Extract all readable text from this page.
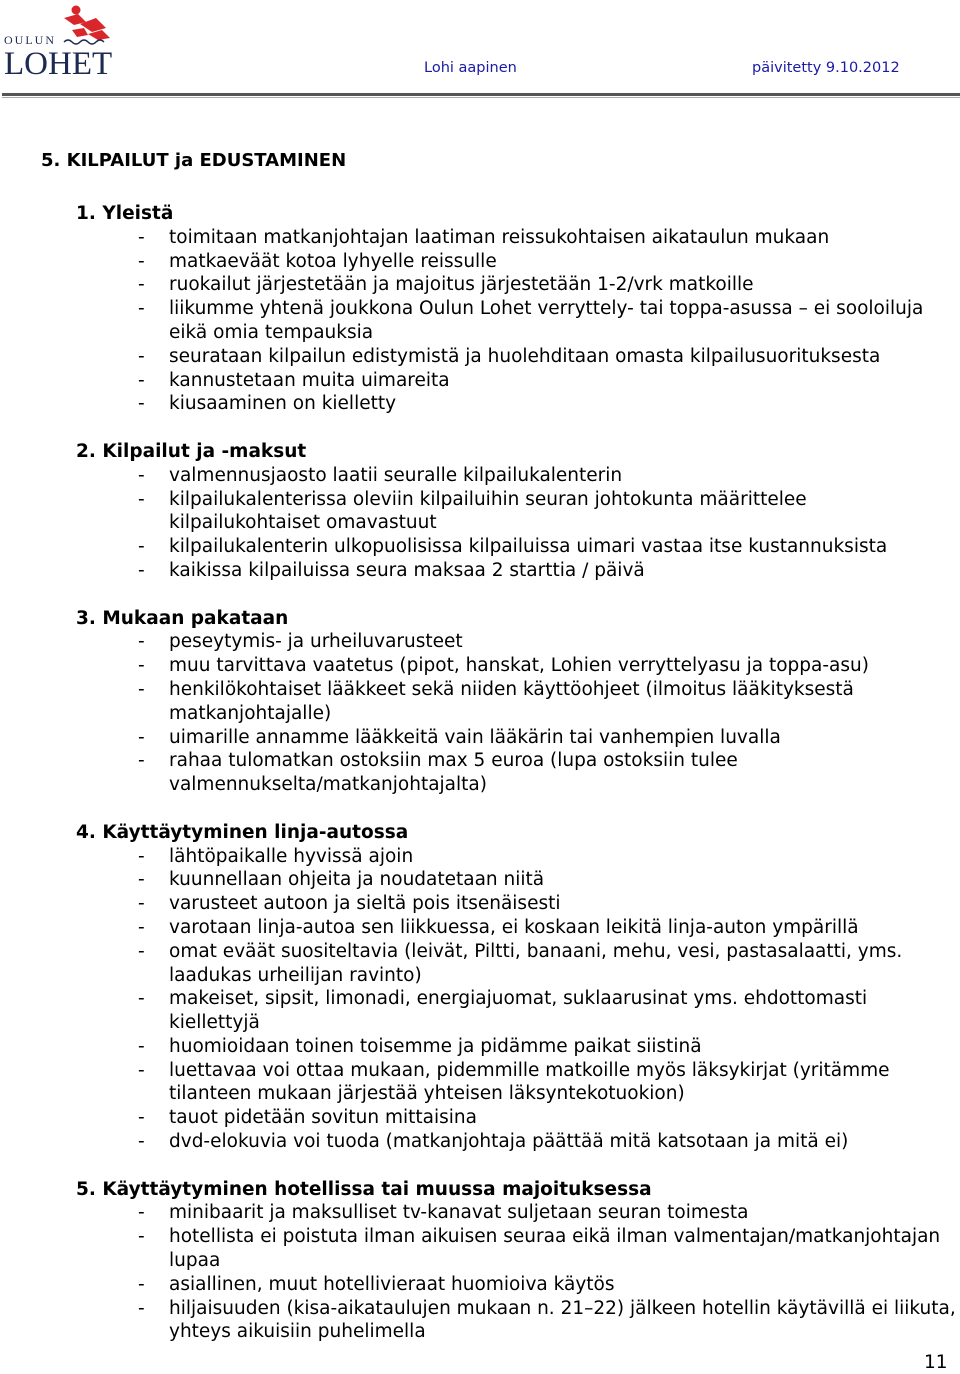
OULUN
LOHET	Lohi aapinen	päivitetty 9.10.2012
5. KILPAILUT ja EDUSTAMINEN

1. Yleistä

- toimitaan matkanjohtajan laatiman reissukohtaisen aikataulun mukaan
- matkaeväät kotoa lyhyelle reissulle
- ruokailut järjestetään ja majoitus järjestetään 1-2/vrk matkoille
- liikumme yhtenä joukkona Oulun Lohet verryttely- tai toppa-asussa – ei sooloiluja eikä omia tempauksia
- seurataan kilpailun edistymistä ja huolehditaan omasta kilpailusuorituksesta
- kannustetaan muita uimareita
- kiusaaminen on kielletty

2. Kilpailut ja -maksut

- valmennusjaosto laatii seuralle kilpailukalenterin
- kilpailukalenterissa oleviin kilpailuihin seuran johtokunta määrittelee kilpailukohtaiset omavastuut
- kilpailukalenterin ulkopuolisissa kilpailuissa uimari vastaa itse kustannuksista
- kaikissa kilpailuissa seura maksaa 2 starttia / päivä

3. Mukaan pakataan

- peseytymis- ja urheiluvarusteet
- muu tarvittava vaatetus (pipot, hanskat, Lohien verryttelyasu ja toppa-asu)
- henkilökohtaiset lääkkeet sekä niiden käyttöohjeet (ilmoitus lääkityksestä matkanjohtajalle)
- uimarille annamme lääkkeitä vain lääkärin tai vanhempien luvalla
- rahaa tulomatkan ostoksiin max 5 euroa (lupa ostoksiin tulee valmennukselta/matkanjohtajalta)

4. Käyttäytyminen linja-autossa

- lähtöpaikalle hyvissä ajoin
- kuunnellaan ohjeita ja noudatetaan niitä
- varusteet autoon ja sieltä pois itsenäisesti
- varotaan linja-autoa sen liikkuessa, ei koskaan leikitä linja-auton ympärillä
- omat eväät suositeltavia (leivät, Piltti, banaani, mehu, vesi, pastasalaatti, yms. laadukas urheilijan ravinto)
- makeiset, sipsit, limonadi, energiajuomat, suklaarusinat yms. ehdottomasti kiellettyjä
- huomioidaan toinen toisemme ja pidämme paikat siistinä
- luettavaa voi ottaa mukaan, pidemmille matkoille myös läksykirjat (yritämme tilanteen mukaan järjestää yhteisen läksyntekotuokion)
- tauot pidetään sovitun mittaisina
- dvd-elokuvia voi tuoda (matkanjohtaja päättää mitä katsotaan ja mitä ei)

5. Käyttäytyminen hotellissa tai muussa majoituksessa

- minibaarit ja maksulliset tv-kanavat suljetaan seuran toimesta
- hotellista ei poistuta ilman aikuisen seuraa eikä ilman valmentajan/matkanjohtajan lupaa
- asiallinen, muut hotellivieraat huomioiva käytös
- hiljaisuuden (kisa-aikataulujen mukaan n. 21–22) jälkeen hotellin käytävillä ei liikuta, yhteys aikuisiin puhelimella
11
